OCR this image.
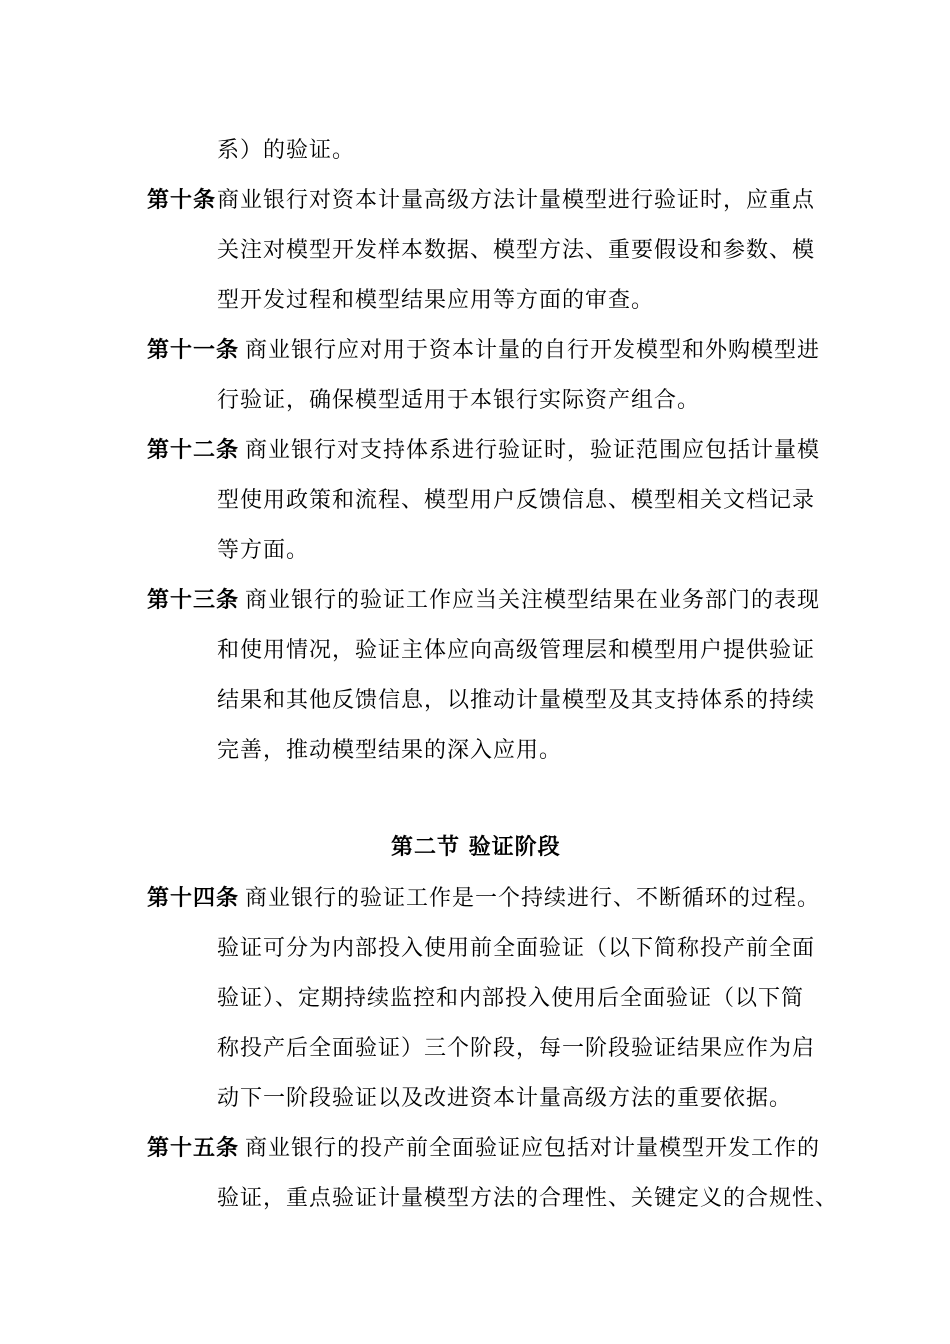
系）的验证。
第十条 商业银行对资本计量高级方法计量模型进行验证时，应重点
关注对模型开发样本数据、模型方法、重要假设和参数、模
型开发过程和模型结果应用等方面的审查。
第十一条 商业银行应对用于资本计量的自行开发模型和外购模型进
行验证，确保模型适用于本银行实际资产组合。
第十二条 商业银行对支持体系进行验证时，验证范围应包括计量模
型使用政策和流程、模型用户反馈信息、模型相关文档记录
等方面。
第十三条 商业银行的验证工作应当关注模型结果在业务部门的表现
和使用情况，验证主体应向高级管理层和模型用户提供验证
结果和其他反馈信息，以推动计量模型及其支持体系的持续
完善，推动模型结果的深入应用。
第二节 验证阶段
第十四条 商业银行的验证工作是一个持续进行、不断循环的过程。
验证可分为内部投入使用前全面验证（以下简称投产前全面
验证）、定期持续监控和内部投入使用后全面验证（以下简
称投产后全面验证）三个阶段，每一阶段验证结果应作为启
动下一阶段验证以及改进资本计量高级方法的重要依据。
第十五条 商业银行的投产前全面验证应包括对计量模型开发工作的
验证，重点验证计量模型方法的合理性、关键定义的合规性、
